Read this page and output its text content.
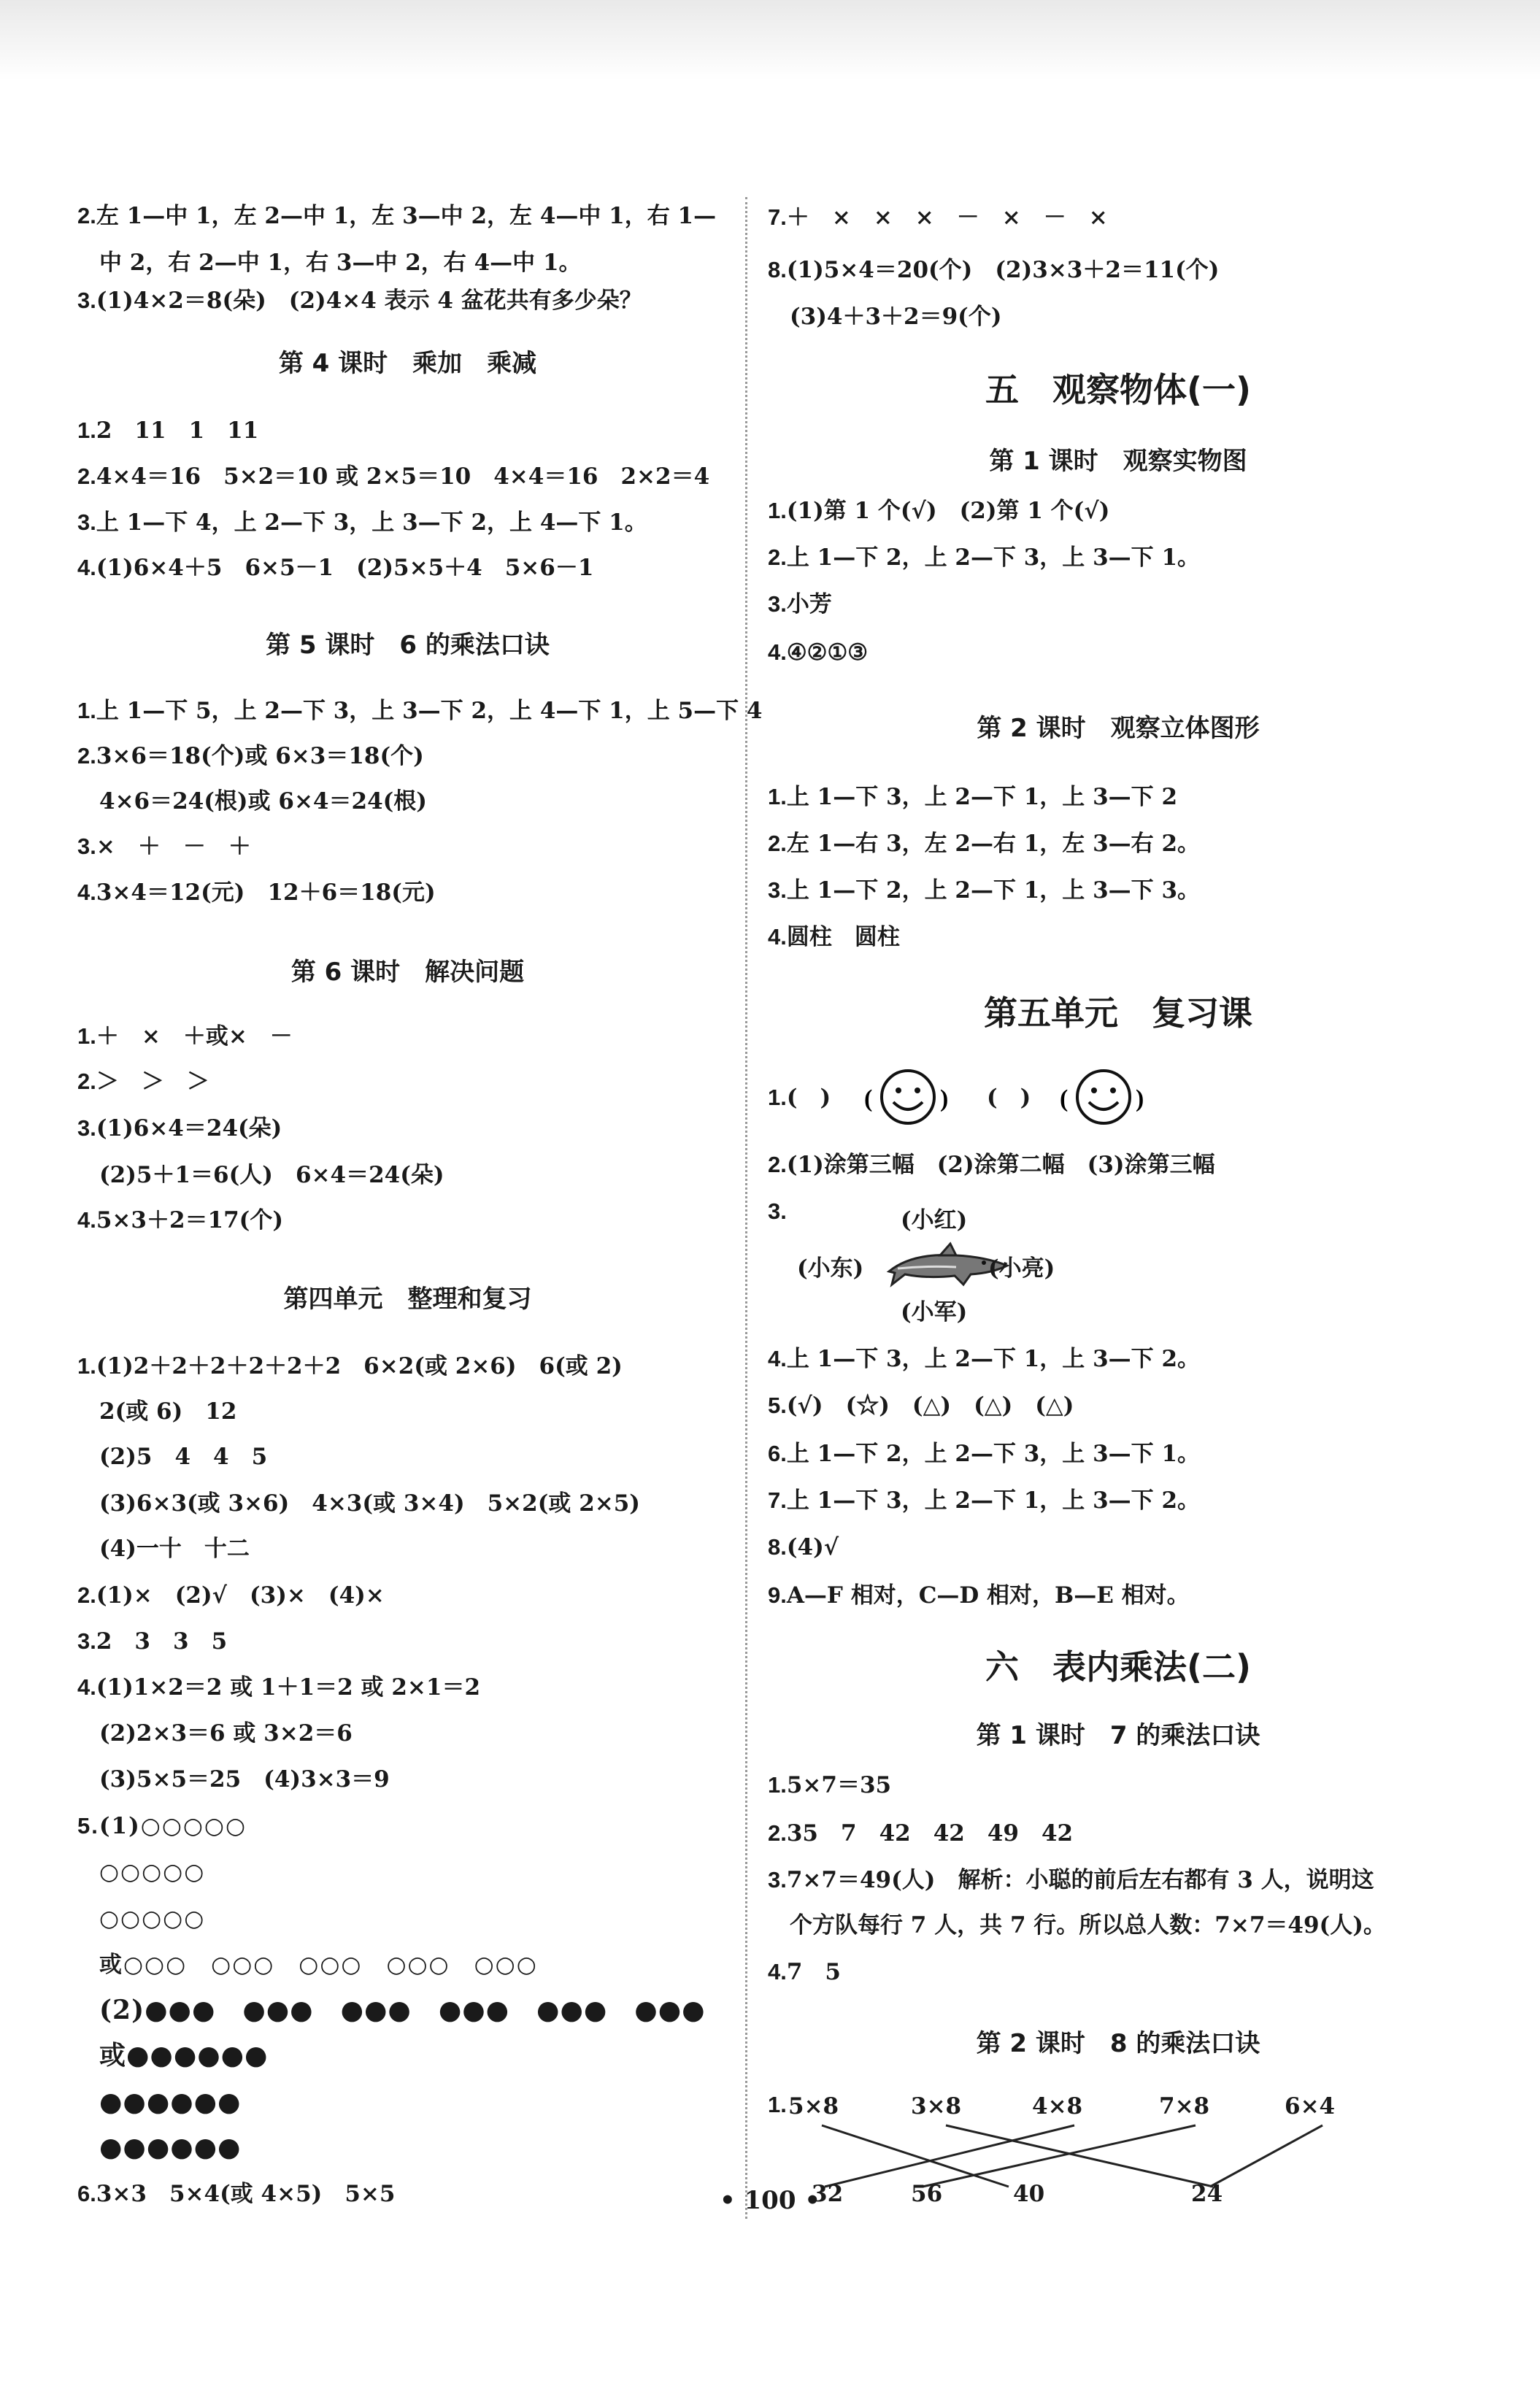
2.左 1—中 1，左 2—中 1，左 3—中 2，左 4—中 1，右 1—
中 2，右 2—中 1，右 3—中 2，右 4—中 1。
3.(1)4×2＝8(朵)　(2)4×4 表示 4 盆花共有多少朵？
第 4 课时　乘加　乘减
1.2　11　1　11
2.4×4＝16　5×2＝10 或 2×5＝10　4×4＝16　2×2＝4
3.上 1—下 4，上 2—下 3，上 3—下 2，上 4—下 1。
4.(1)6×4＋5　6×5－1　(2)5×5＋4　5×6－1
第 5 课时　6 的乘法口诀
1.上 1—下 5，上 2—下 3，上 3—下 2，上 4—下 1，上 5—下 4
2.3×6＝18(个)或 6×3＝18(个)
4×6＝24(根)或 6×4＝24(根)
3.×　＋　－　＋
4.3×4＝12(元)　12＋6＝18(元)
第 6 课时　解决问题
1.＋　×　＋或×　－
2.＞　＞　＞
3.(1)6×4＝24(朵)
(2)5＋1＝6(人)　6×4＝24(朵)
4.5×3＋2＝17(个)
第四单元　整理和复习
1.(1)2＋2＋2＋2＋2＋2　6×2(或 2×6)　6(或 2)
2(或 6)　12
(2)5　4　4　5
(3)6×3(或 3×6)　4×3(或 3×4)　5×2(或 2×5)
(4)一十　十二
2.(1)×　(2)√　(3)×　(4)×
3.2　3　3　5
4.(1)1×2＝2 或 1＋1＝2 或 2×1＝2
(2)2×3＝6 或 3×2＝6
(3)5×5＝25　(4)3×3＝9
5.(1)○○○○○
○○○○○
○○○○○
或○○○　○○○　○○○　○○○　○○○
(2)●●●　●●●　●●●　●●●　●●●　●●●
或●●●●●●
●●●●●●
●●●●●●
6.3×3　5×4(或 4×5)　5×5
7.＋　×　×　×　－　×　－　×
8.(1)5×4＝20(个)　(2)3×3＋2＝11(个)
(3)4＋3＋2＝9(个)
五　观察物体(一)
第 1 课时　观察实物图
1.(1)第 1 个(√)　(2)第 1 个(√)
2.上 1—下 2，上 2—下 3，上 3—下 1。
3.小芳
4.④②①③
第 2 课时　观察立体图形
1.上 1—下 3，上 2—下 1，上 3—下 2
2.左 1—右 3，左 2—右 1，左 3—右 2。
3.上 1—下 2，上 2—下 1，上 3—下 3。
4.圆柱　圆柱
第五单元　复习课
1.(　) (	) (　) (	)
2.(1)涂第三幅　(2)涂第二幅　(3)涂第三幅
3.	(小红)
(小东)	(小亮)
(小军)
4.上 1—下 3，上 2—下 1，上 3—下 2。
5.(√)　(☆)　(△)　(△)　(△)
6.上 1—下 2，上 2—下 3，上 3—下 1。
7.上 1—下 3，上 2—下 1，上 3—下 2。
8.(4)√
9.A—F 相对，C—D 相对，B—E 相对。
六　表内乘法(二)
第 1 课时　7 的乘法口诀
1.5×7＝35
2.35　7　42　42　49　42
3.7×7＝49(人)　解析：小聪的前后左右都有 3 人，说明这
个方队每行 7 人，共 7 行。所以总人数：7×7＝49(人)。
4.7　5
第 2 课时　8 的乘法口诀
1. 5×8	3×8	4×8	7×8	6×4
32	56	40	24
• 100 •
